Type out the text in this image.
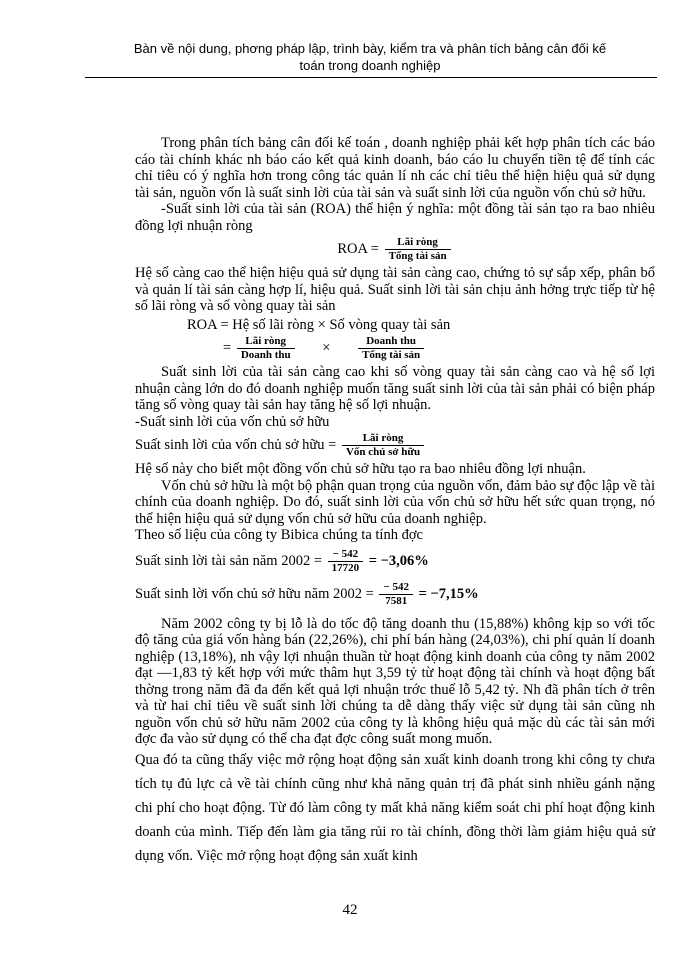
Bàn về nội dung, phơng pháp lập, trình bày, kiểm tra và phân tích bảng cân đối kế
toán trong doanh nghiệp

Trong phân tích bảng cân đối kế toán , doanh nghiệp phải kết hợp phân tích các báo cáo tài chính khác nh báo cáo kết quả kinh doanh, báo cáo lu chuyển tiền tệ để tính các chỉ tiêu có ý nghĩa hơn trong công tác quản lí nh các chỉ tiêu thể hiện hiệu quả sử dụng tài sản, nguồn vốn là suất sinh lời của tài sản và suất sinh lời của nguồn vốn chủ sở hữu.

-Suất sinh lời của tài sản (ROA) thể hiện ý nghĩa: một đồng tài sản tạo ra bao nhiêu đồng lợi nhuận ròng

ROA = $\frac{\text{Lãi ròng}}{\text{Tổng tài sản}}$

Hệ số càng cao thể hiện hiệu quả sử dụng tài sản càng cao, chứng tỏ sự sắp xếp, phân bổ và quản lí tài sản càng hợp lí, hiệu quả. Suất sinh lời tài sản chịu ảnh hởng trực tiếp từ hệ số lãi ròng và số vòng quay tài sản

ROA = Hệ số lãi ròng × Số vòng quay tài sản
= $\frac{\text{Lãi ròng}}{\text{Doanh thu}}$ ×	$\frac{\text{Doanh thu}}{\text{Tổng tài sản}}$

Suất sinh lời của tài sản càng cao khi số vòng quay tài sản càng cao và hệ số lợi nhuận càng lớn do đó doanh nghiệp muốn tăng suất sinh lời của tài sản phải có biện pháp tăng số vòng quay tài sản hay tăng hệ số lợi nhuận.

-Suất sinh lời của vốn chủ sở hữu

Suất sinh lời của vốn chủ sở hữu = $\frac{\text{Lãi ròng}}{\text{Vốn chủ sở hữu}}$

Hệ số này cho biết một đồng vốn chủ sở hữu tạo ra bao nhiêu đồng lợi nhuận.

Vốn chủ sở hữu là một bộ phận quan trọng của nguồn vốn, đảm bảo sự độc lập về tài chính của doanh nghiệp. Do đó, suất sinh lời của vốn chủ sở hữu hết sức quan trọng, nó thể hiện hiệu quả sử dụng vốn chủ sở hữu của doanh nghiệp.

Theo số liệu của công ty Bibica chúng ta tính đợc

Suất sinh lời tài sản năm $2002 = \frac{- 542}{17720} = -3,06\%$
Suất sinh lời vốn chủ sở hữu năm $2002 = \frac{- 542}{7581} = -7,15\%$

Năm 2002 công ty bị lỗ là do tốc độ tăng doanh thu (15,88%) không kịp so với tốc độ tăng của giá vốn hàng bán (22,26%), chi phí bán hàng (24,03%), chi phí quản lí doanh nghiệp (13,18%), nh vậy lợi nhuận thuần từ hoạt động kinh doanh của công ty năm 2002 đạt —1,83 tỷ kết hợp với mức thâm hụt 3,59 tỷ từ hoạt động tài chính và hoạt động bất thờng trong năm đã đa đến kết quả lợi nhuận trớc thuế lỗ 5,42 tỷ. Nh đã phân tích ở trên và từ hai chỉ tiêu về suất sinh lời chúng ta dễ dàng thấy việc sử dụng tài sản cũng nh nguồn vốn chủ sở hữu năm 2002 của công ty là không hiệu quả mặc dù các tài sản mới đợc đa vào sử dụng có thể cha đạt đợc công suất mong muốn.

Qua đó ta cũng thấy việc mở rộng hoạt động sản xuất kinh doanh trong khi công ty chưa tích tụ đủ lực cả về tài chính cũng như khả năng quản trị đã phát sinh nhiều gánh nặng chi phí cho hoạt động. Từ đó làm công ty mất khả năng kiểm soát chi phí hoạt động kinh doanh của mình. Tiếp đến làm gia tăng rủi ro tài chính, đồng thời làm giảm hiệu quả sử dụng vốn. Việc mở rộng hoạt động sản xuất kinh

42
